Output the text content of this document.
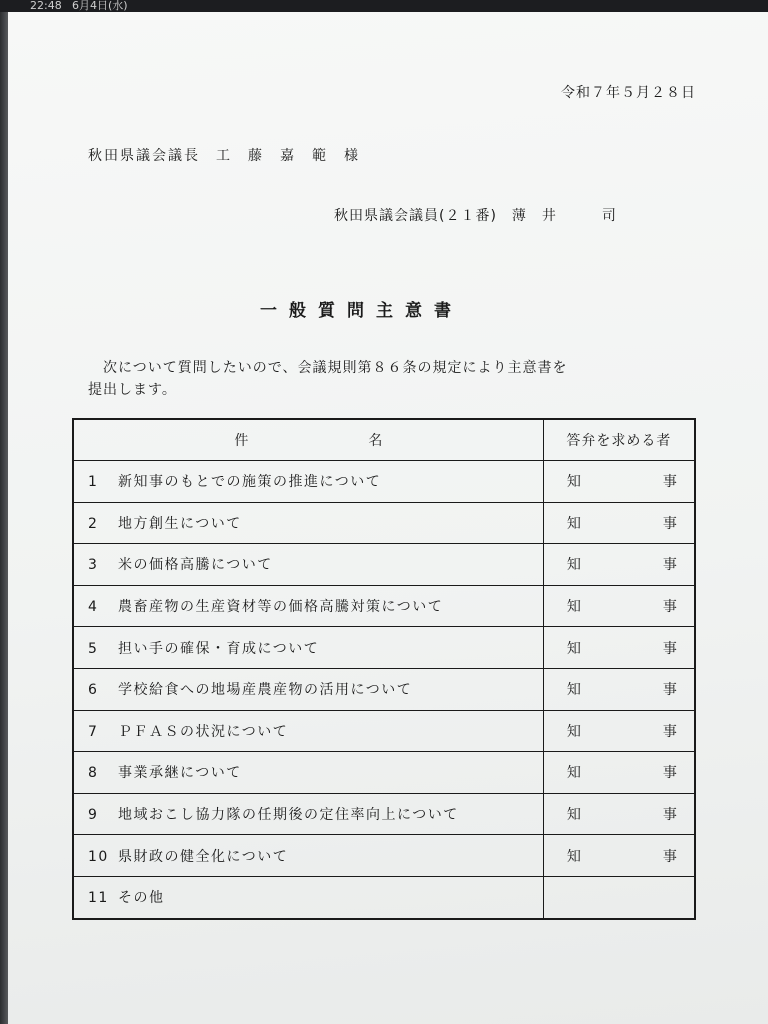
22:48 6月4日(水)
令和７年５月２８日
秋田県議会議長　工　藤　嘉　範　様
秋田県議会議員(２１番)　薄　井　　　司
一般質問主意書
　次について質問したいので、会議規則第８６条の規定により主意書を
提出します。
件 名	答弁を求める者
1 新知事のもとでの施策の推進について	知 事
2 地方創生について	知 事
3 米の価格高騰について	知 事
4 農畜産物の生産資材等の価格高騰対策について	知 事
5 担い手の確保・育成について	知 事
6 学校給食への地場産農産物の活用について	知 事
7 ＰＦＡＳの状況について	知 事
8 事業承継について	知 事
9 地域おこし協力隊の任期後の定住率向上について	知 事
10 県財政の健全化について	知 事
11 その他	
